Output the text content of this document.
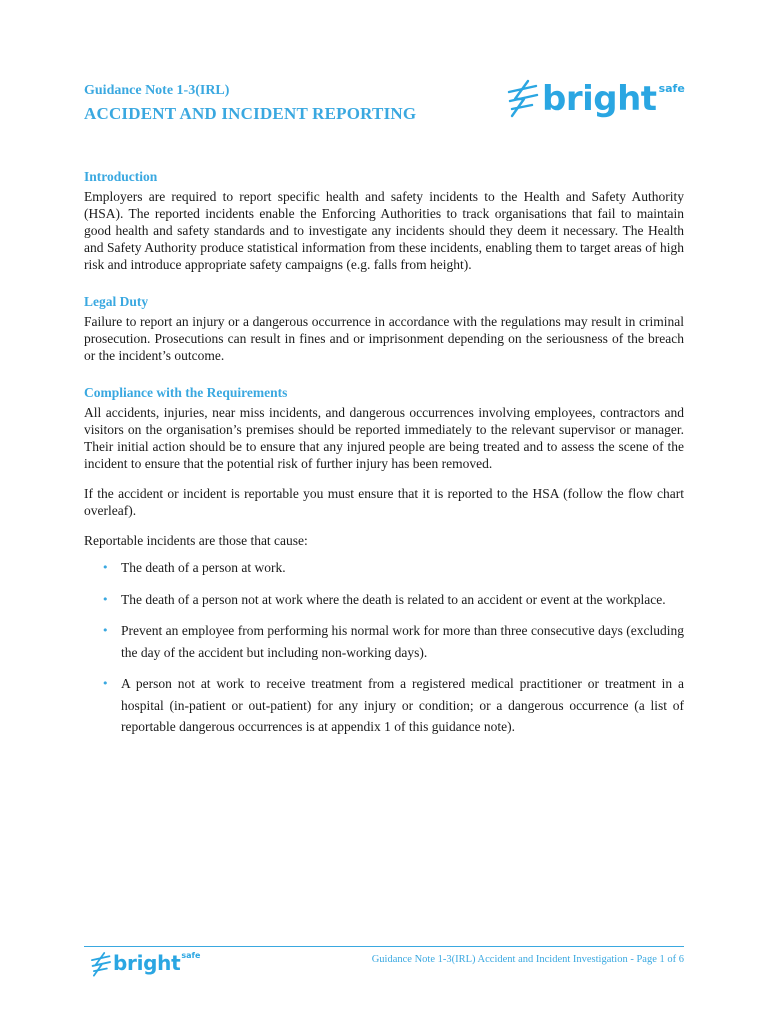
Guidance Note 1-3(IRL)
ACCIDENT AND INCIDENT REPORTING	bright safe
Introduction

Employers are required to report specific health and safety incidents to the Health and Safety Authority (HSA). The reported incidents enable the Enforcing Authorities to track organisations that fail to maintain good health and safety standards and to investigate any incidents should they deem it necessary. The Health and Safety Authority produce statistical information from these incidents, enabling them to target areas of high risk and introduce appropriate safety campaigns (e.g. falls from height).

Legal Duty

Failure to report an injury or a dangerous occurrence in accordance with the regulations may result in criminal prosecution. Prosecutions can result in fines and or imprisonment depending on the seriousness of the breach or the incident’s outcome.

Compliance with the Requirements

All accidents, injuries, near miss incidents, and dangerous occurrences involving employees, contractors and visitors on the organisation’s premises should be reported immediately to the relevant supervisor or manager. Their initial action should be to ensure that any injured people are being treated and to assess the scene of the incident to ensure that the potential risk of further injury has been removed.

If the accident or incident is reportable you must ensure that it is reported to the HSA (follow the flow chart overleaf).

Reportable incidents are those that cause:

• The death of a person at work.
• The death of a person not at work where the death is related to an accident or event at the workplace.
• Prevent an employee from performing his normal work for more than three consecutive days (excluding the day of the accident but including non-working days).
• A person not at work to receive treatment from a registered medical practitioner or treatment in a hospital (in-patient or out-patient) for any injury or condition; or a dangerous occurrence (a list of reportable dangerous occurrences is at appendix 1 of this guidance note).
bright safe	Guidance Note 1-3(IRL) Accident and Incident Investigation - Page 1 of 6
